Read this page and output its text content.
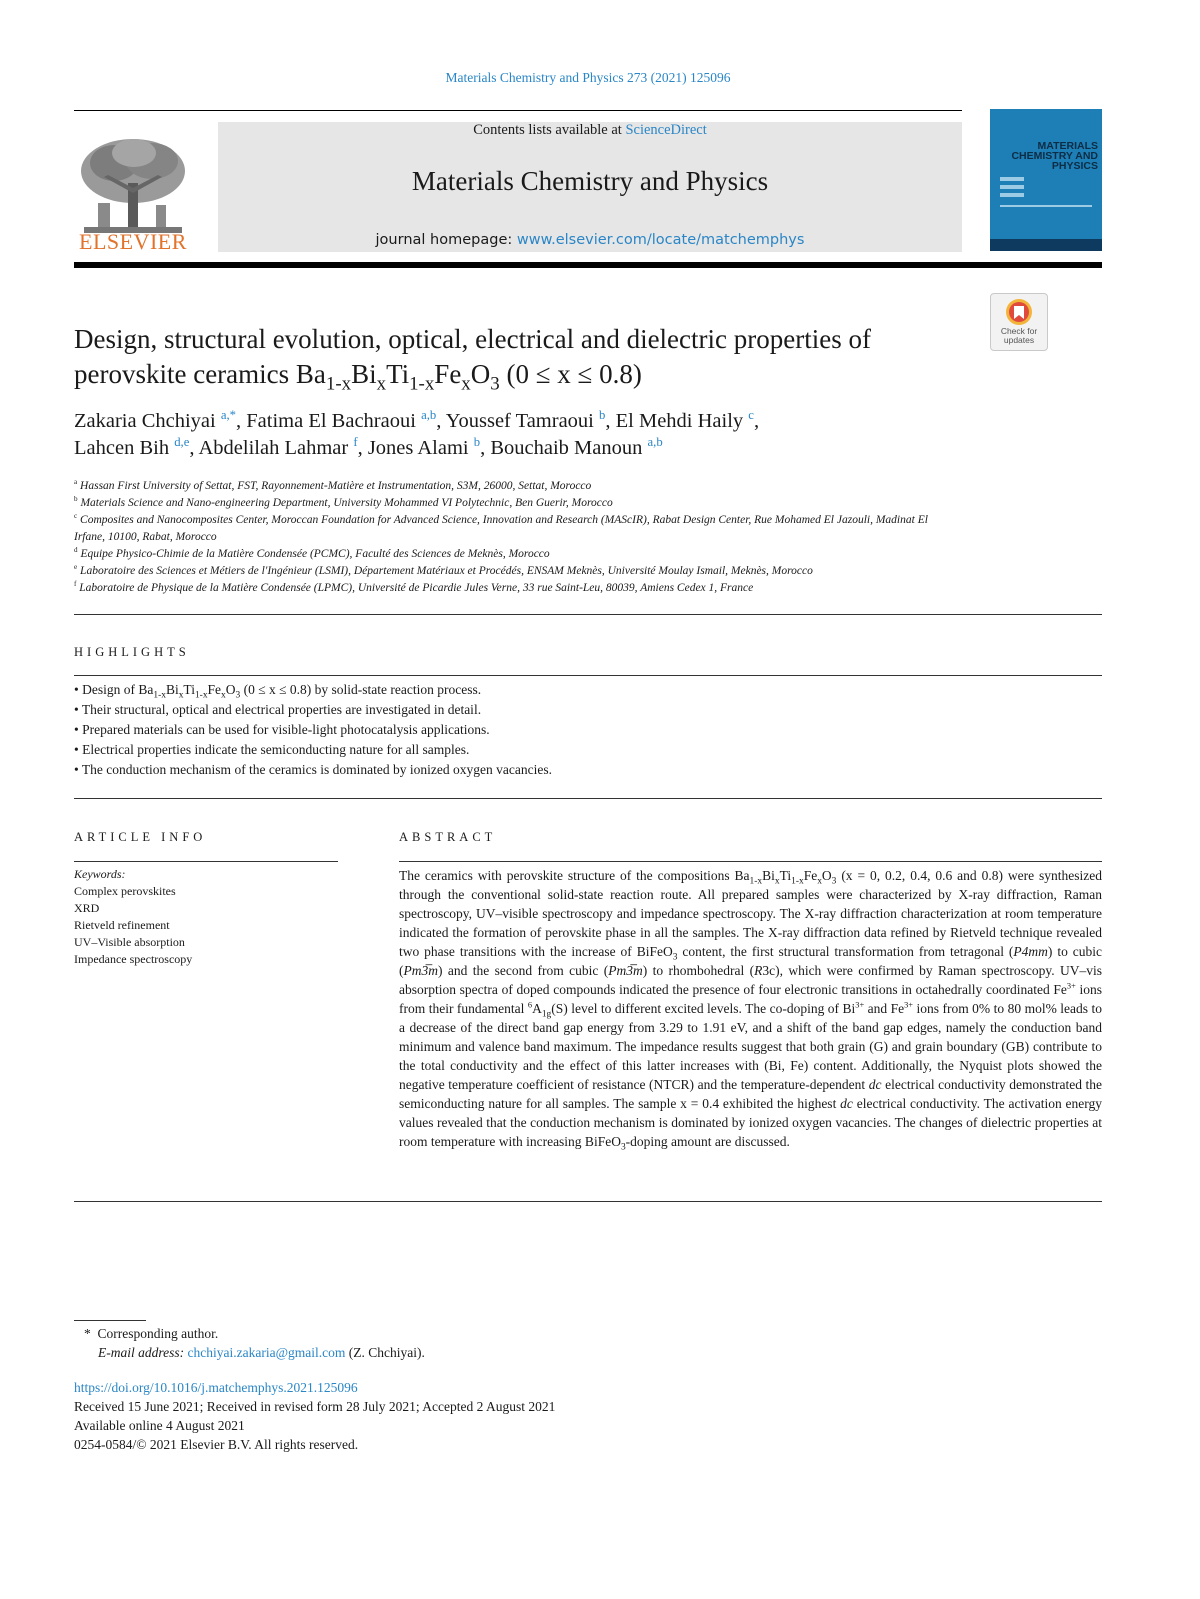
Materials Chemistry and Physics 273 (2021) 125096
ELSEVIER
Contents lists available at ScienceDirect
Materials Chemistry and Physics
journal homepage: www.elsevier.com/locate/matchemphys
MATERIALS CHEMISTRY AND PHYSICS
Check for updates
Design, structural evolution, optical, electrical and dielectric properties of
perovskite ceramics $Ba_{1-x}Bi_xTi_{1-x}Fe_xO_3$ (0 ≤ x ≤ 0.8)
Zakaria Chchiyai $^{a,*}$, Fatima El Bachraoui $^{a,b}$, Youssef Tamraoui $^b$, El Mehdi Haily $^c$,
Lahcen Bih $^{d,e}$, Abdelilah Lahmar $^f$, Jones Alami $^b$, Bouchaib Manoun $^{a,b}$

$^a$ Hassan First University of Settat, FST, Rayonnement-Matière et Instrumentation, S3M, 26000, Settat, Morocco

$^b$ Materials Science and Nano-engineering Department, University Mohammed VI Polytechnic, Ben Guerir, Morocco

$^c$ Composites and Nanocomposites Center, Moroccan Foundation for Advanced Science, Innovation and Research (MAScIR), Rabat Design Center, Rue Mohamed El Jazouli, Madinat El Irfane, 10100, Rabat, Morocco

$^d$ Equipe Physico-Chimie de la Matière Condensée (PCMC), Faculté des Sciences de Meknès, Morocco

$^e$ Laboratoire des Sciences et Métiers de l'Ingénieur (LSMI), Département Matériaux et Procédés, ENSAM Meknès, Université Moulay Ismail, Meknès, Morocco

$^f$ Laboratoire de Physique de la Matière Condensée (LPMC), Université de Picardie Jules Verne, 33 rue Saint-Leu, 80039, Amiens Cedex 1, France

HIGHLIGHTS
• Design of $Ba_{1-x}Bi_xTi_{1-x}Fe_xO_3$ (0 ≤ x ≤ 0.8) by solid-state reaction process.
• Their structural, optical and electrical properties are investigated in detail.
• Prepared materials can be used for visible-light photocatalysis applications.
• Electrical properties indicate the semiconducting nature for all samples.
• The conduction mechanism of the ceramics is dominated by ionized oxygen vacancies.
ARTICLE INFO
Keywords:
Complex perovskites
XRD
Rietveld refinement
UV–Visible absorption
Impedance spectroscopy
ABSTRACT
The ceramics with perovskite structure of the compositions $Ba_{1-x}Bi_xTi_{1-x}Fe_xO_3$ (x = 0, 0.2, 0.4, 0.6 and 0.8) were synthesized through the conventional solid-state reaction route. All prepared samples were characterized by X-ray diffraction, Raman spectroscopy, UV–visible spectroscopy and impedance spectroscopy. The X-ray diffraction characterization at room temperature indicated the formation of perovskite phase in all the samples. The X-ray diffraction data refined by Rietveld technique revealed two phase transitions with the increase of BiFeO$_3$ content, the first structural transformation from tetragonal (P4mm) to cubic (Pm3̅m) and the second from cubic (Pm3̅m) to rhombohedral (R3c), which were confirmed by Raman spectroscopy. UV–vis absorption spectra of doped compounds indicated the presence of four electronic transitions in octahedrally coordinated $Fe^{3+}$ ions from their fundamental $^6A_{1g}(S)$ level to different excited levels. The co-doping of $Bi^{3+}$ and $Fe^{3+}$ ions from 0% to 80 mol% leads to a decrease of the direct band gap energy from 3.29 to 1.91 eV, and a shift of the band gap edges, namely the conduction band minimum and valence band maximum. The impedance results suggest that both grain (G) and grain boundary (GB) contribute to the total conductivity and the effect of this latter increases with (Bi, Fe) content. Additionally, the Nyquist plots showed the negative temperature coefficient of resistance (NTCR) and the temperature-dependent dc electrical conductivity demonstrated the semiconducting nature for all samples. The sample x = 0.4 exhibited the highest dc electrical conductivity. The activation energy values revealed that the conduction mechanism is dominated by ionized oxygen vacancies. The changes of dielectric properties at room temperature with increasing BiFeO$_3$-doping amount are discussed.
* Corresponding author.
E-mail address: chchiyai.zakaria@gmail.com (Z. Chchiyai).
https://doi.org/10.1016/j.matchemphys.2021.125096
Received 15 June 2021; Received in revised form 28 July 2021; Accepted 2 August 2021
Available online 4 August 2021
0254-0584/© 2021 Elsevier B.V. All rights reserved.
